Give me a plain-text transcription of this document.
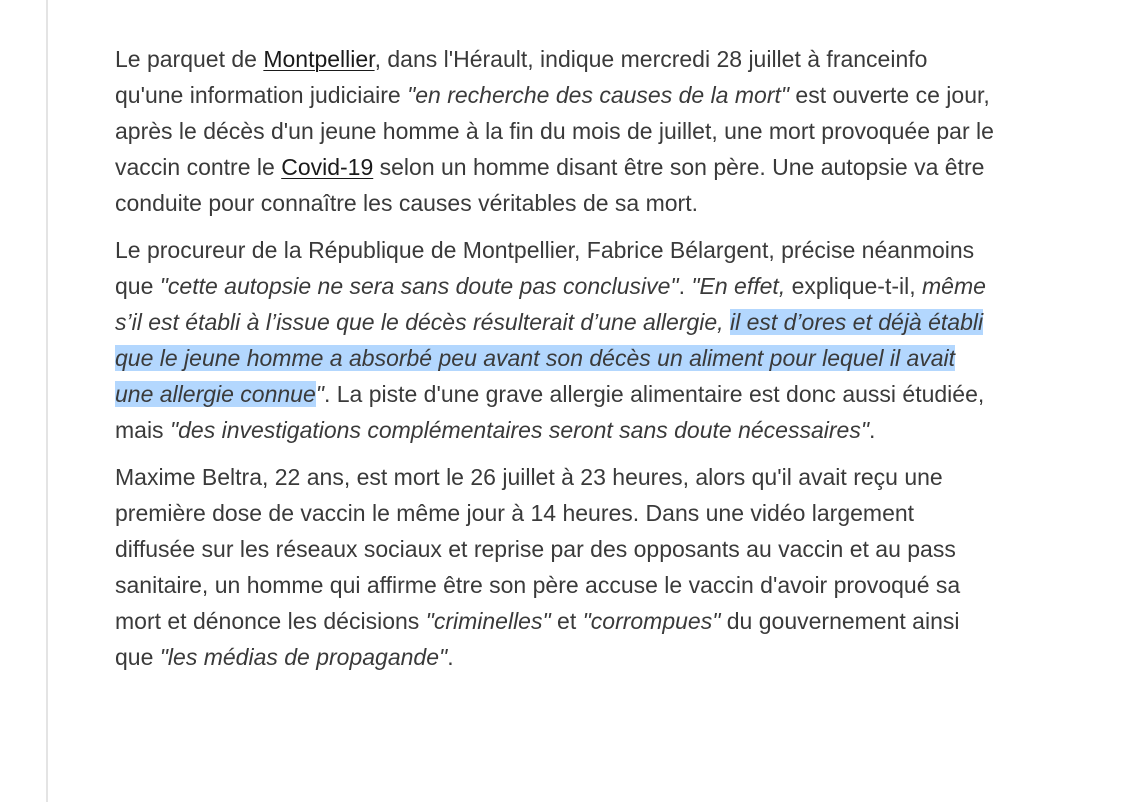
Le parquet de Montpellier, dans l'Hérault, indique mercredi 28 juillet à franceinfo qu'une information judiciaire "en recherche des causes de la mort" est ouverte ce jour, après le décès d'un jeune homme à la fin du mois de juillet, une mort provoquée par le vaccin contre le Covid-19 selon un homme disant être son père. Une autopsie va être conduite pour connaître les causes véritables de sa mort.

Le procureur de la République de Montpellier, Fabrice Bélargent, précise néanmoins que "cette autopsie ne sera sans doute pas conclusive". "En effet, explique-t-il, même s’il est établi à l’issue que le décès résulterait d’une allergie, il est d’ores et déjà établi que le jeune homme a absorbé peu avant son décès un aliment pour lequel il avait une allergie connue". La piste d'une grave allergie alimentaire est donc aussi étudiée, mais "des investigations complémentaires seront sans doute nécessaires".

Maxime Beltra, 22 ans, est mort le 26 juillet à 23 heures, alors qu'il avait reçu une première dose de vaccin le même jour à 14 heures. Dans une vidéo largement diffusée sur les réseaux sociaux et reprise par des opposants au vaccin et au pass sanitaire, un homme qui affirme être son père accuse le vaccin d'avoir provoqué sa mort et dénonce les décisions "criminelles" et "corrompues" du gouvernement ainsi que "les médias de propagande".
